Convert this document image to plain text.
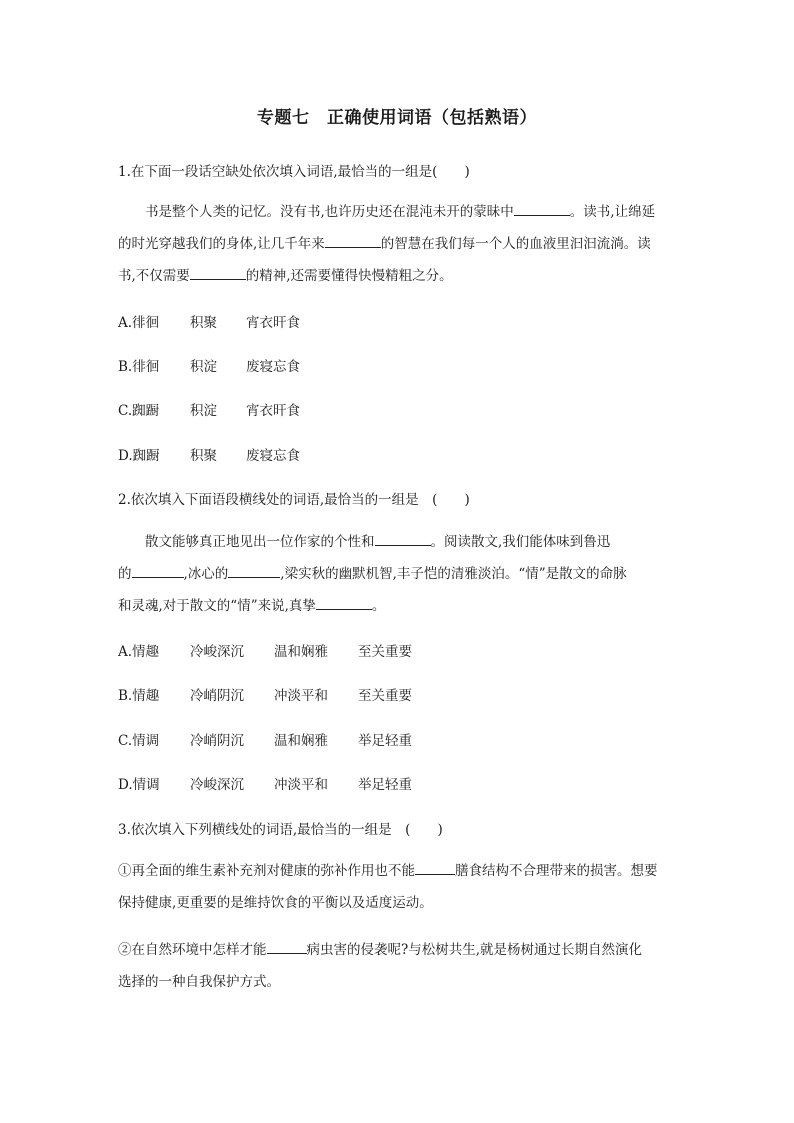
专题七　正确使用词语（包括熟语）
1.在下面一段话空缺处依次填入词语,最恰当的一组是(　　)
书是整个人类的记忆。没有书,也许历史还在混沌未开的蒙昧中	。读书,让绵延
的时光穿越我们的身体,让几千年来	的智慧在我们每一个人的血液里汩汩流淌。读
书,不仅需要	的精神,还需要懂得快慢精粗之分。
A.徘徊	积聚	宵衣旰食
B.徘徊	积淀	废寝忘食
C.踟蹰	积淀	宵衣旰食
D.踟蹰	积聚	废寝忘食
2.依次填入下面语段横线处的词语,最恰当的一组是　(　　)
散文能够真正地见出一位作家的个性和	。阅读散文,我们能体味到鲁迅
的	,冰心的	,梁实秋的幽默机智,丰子恺的清雅淡泊。“情”是散文的命脉
和灵魂,对于散文的“情”来说,真挚	。
A.情趣	冷峻深沉	温和娴雅	至关重要
B.情趣	冷峭阴沉	冲淡平和	至关重要
C.情调	冷峭阴沉	温和娴雅	举足轻重
D.情调	冷峻深沉	冲淡平和	举足轻重
3.依次填入下列横线处的词语,最恰当的一组是　(　　)
①再全面的维生素补充剂对健康的弥补作用也不能	膳食结构不合理带来的损害。想要
保持健康,更重要的是维持饮食的平衡以及适度运动。
②在自然环境中怎样才能	病虫害的侵袭呢?与松树共生,就是杨树通过长期自然演化
选择的一种自我保护方式。
